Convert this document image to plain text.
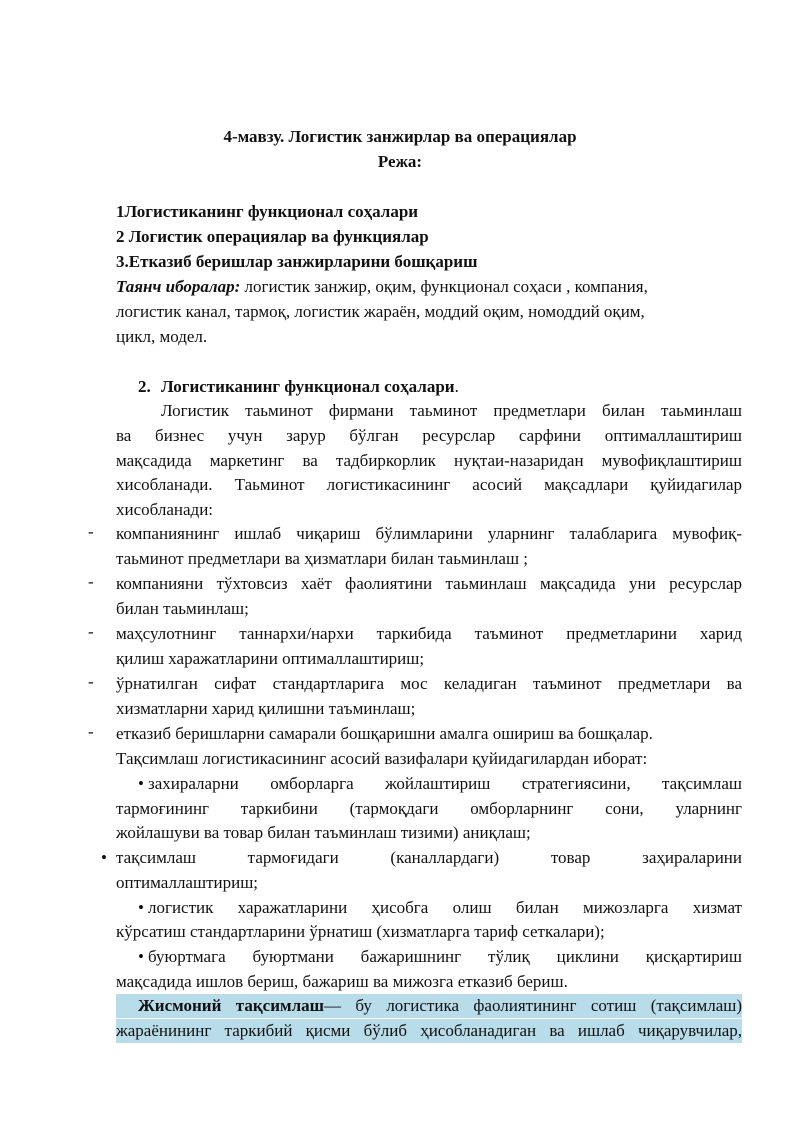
4-мавзу. Логистик занжирлар ва операциялар
Режа:
1Логистиканинг функционал соҳалари
2 Логистик операциялар ва функциялар
3.Етказиб беришлар занжирларини бошқариш
Таянч иборалар: логистик занжир, оқим, функционал соҳаси , компания,
логистик канал, тармоқ, логистик жараён, моддий оқим, номоддий оқим,
цикл, модел.
2. Логистиканинг функционал соҳалари.
Логистик таьминот фирмани таьминот предметлари билан таьминлаш
ва бизнес учун зарур бўлган ресурслар сарфини оптималлаштириш
мақсадида маркетинг ва тадбиркорлик нуқтаи-назаридан мувофиқлаштириш
хисобланади. Таьминот логистикасининг асосий мақсадлари қуйидагилар
хисобланади:
- компаниянинг ишлаб чиқариш бўлимларини уларнинг талабларига мувофиқ-
таьминот предметлари ва ҳизматлари билан таьминлаш ;
- компанияни тўхтовсиз хаёт фаолиятини таьминлаш мақсадида уни ресурслар
билан таьминлаш;
- маҳсулотнинг таннархи/нархи таркибида таъминот предметларини харид
қилиш харажатларини оптималлаштириш;
- ўрнатилган сифат стандартларига мос келадиган таъминот предметлари ва
хизматларни харид қилишни таъминлаш;
- етказиб беришларни самарали бошқаришни амалга ошириш ва бошқалар.
Тақсимлаш логистикасининг асосий вазифалари қуйидагилардан иборат:
• захираларни омборларга жойлаштириш стратегиясини, тақсимлаш
тармоғининг таркибини (тармоқдаги омборларнинг сони, уларнинг
жойлашуви ва товар билан таъминлаш тизими) аниқлаш;
• тақсимлаш тармоғидаги (каналлардаги) товар заҳираларини
оптималлаштириш;
• логистик харажатларини ҳисобга олиш билан мижозларга хизмат
кўрсатиш стандартларини ўрнатиш (хизматларга тариф сеткалари);
• буюртмага буюртмани бажаришнинг тўлиқ циклини қисқартириш
мақсадида ишлов бериш, бажариш ва мижозга етказиб бериш.
Жисмоний тақсимлаш— бу логистика фаолиятининг сотиш (тақсимлаш)
жараёнининг таркибий қисми бўлиб ҳисобланадиган ва ишлаб чиқарувчилар,
